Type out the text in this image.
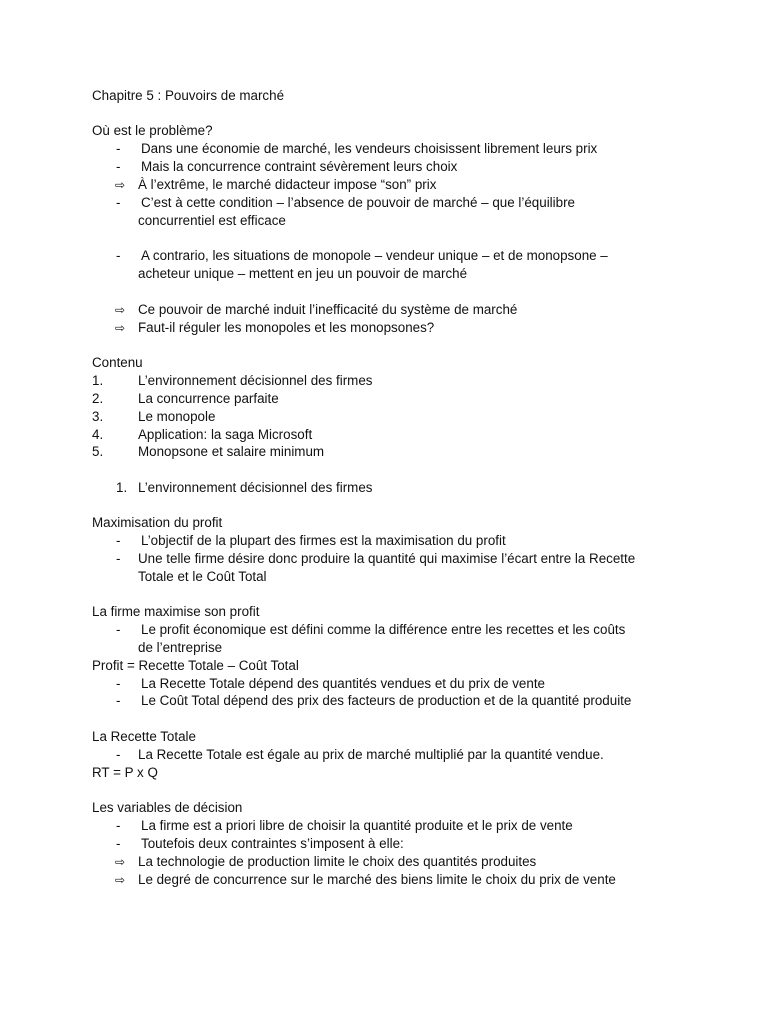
Chapitre 5 : Pouvoirs de marché
Où est le problème?
- Dans une économie de marché, les vendeurs choisissent librement leurs prix
- Mais la concurrence contraint sévèrement leurs choix
⇨ À l’extrême, le marché didacteur impose “son” prix
- C’est à cette condition – l’absence de pouvoir de marché – que l’équilibre
concurrentiel est efficace
- A contrario, les situations de monopole – vendeur unique – et de monopsone –
acheteur unique – mettent en jeu un pouvoir de marché
⇨ Ce pouvoir de marché induit l’inefficacité du système de marché
⇨ Faut-il réguler les monopoles et les monopsones?
Contenu
1.	L’environnement décisionnel des firmes
2.	La concurrence parfaite
3.	Le monopole
4.	Application: la saga Microsoft
5.	Monopsone et salaire minimum
1. L’environnement décisionnel des firmes
Maximisation du profit
- L’objectif de la plupart des firmes est la maximisation du profit
- Une telle firme désire donc produire la quantité qui maximise l’écart entre la Recette
Totale et le Coût Total
La firme maximise son profit
- Le profit économique est défini comme la différence entre les recettes et les coûts
de l’entreprise
Profit = Recette Totale – Coût Total
- La Recette Totale dépend des quantités vendues et du prix de vente
- Le Coût Total dépend des prix des facteurs de production et de la quantité produite
La Recette Totale
- La Recette Totale est égale au prix de marché multiplié par la quantité vendue.
RT = P x Q
Les variables de décision
- La firme est a priori libre de choisir la quantité produite et le prix de vente
- Toutefois deux contraintes s’imposent à elle:
⇨ La technologie de production limite le choix des quantités produites
⇨ Le degré de concurrence sur le marché des biens limite le choix du prix de vente
